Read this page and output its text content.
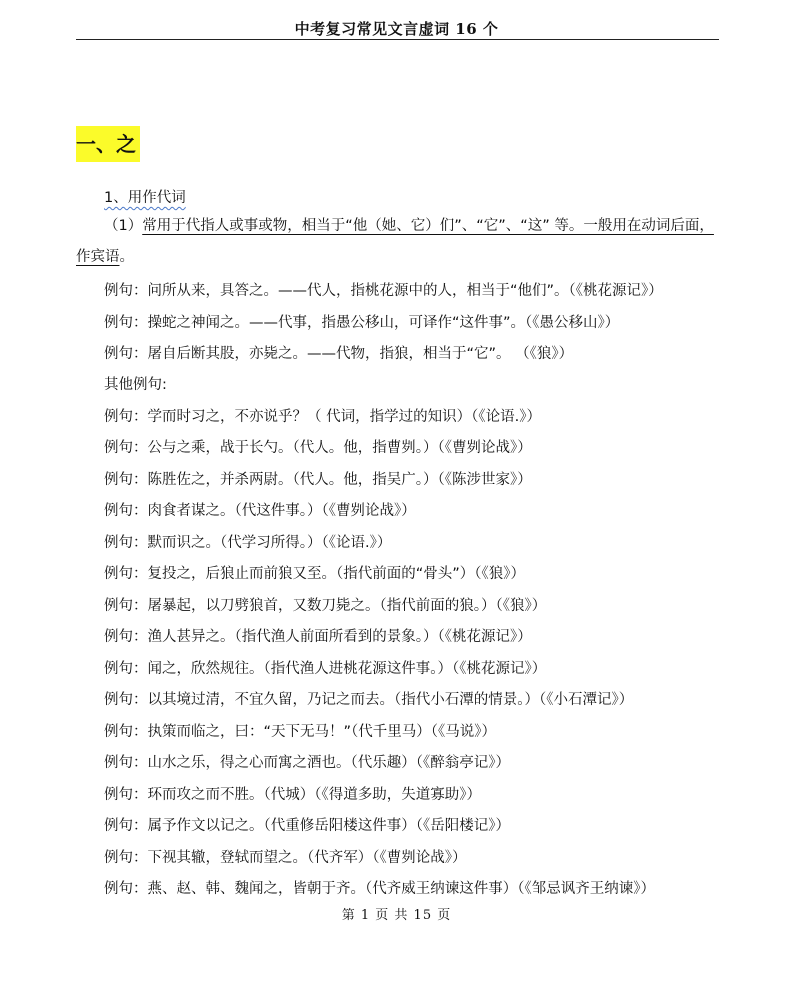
中考复习常见文言虚词 16 个
一、之
1、用作代词
（1）常用于代指人或事或物，相当于“他（她、它）们”、“它”、“这” 等。一般用在动词后面，作宾语。
例句：问所从来，具答之。——代人，指桃花源中的人，相当于“他们”。（《桃花源记》）
例句：操蛇之神闻之。——代事，指愚公移山，可译作“这件事”。（《愚公移山》）
例句：屠自后断其股，亦毙之。——代物，指狼，相当于“它”。 （《狼》）
其他例句:
例句：学而时习之，不亦说乎？（ 代词，指学过的知识）（《论语.》）
例句：公与之乘，战于长勺。（代人。他，指曹刿。）（《曹刿论战》）
例句：陈胜佐之，并杀两尉。（代人。他，指吴广。）（《陈涉世家》）
例句：肉食者谋之。（代这件事。）（《曹刿论战》）
例句：默而识之。（代学习所得。）（《论语.》）
例句：复投之，后狼止而前狼又至。（指代前面的“骨头”）（《狼》）
例句：屠暴起，以刀劈狼首，又数刀毙之。（指代前面的狼。）（《狼》）
例句：渔人甚异之。（指代渔人前面所看到的景象。）（《桃花源记》）
例句：闻之，欣然规往。（指代渔人进桃花源这件事。）（《桃花源记》）
例句：以其境过清，不宜久留，乃记之而去。（指代小石潭的情景。）（《小石潭记》）
例句：执策而临之，曰：“天下无马！”（代千里马）（《马说》）
例句：山水之乐，得之心而寓之酒也。（代乐趣）（《醉翁亭记》）
例句：环而攻之而不胜。（代城）（《得道多助，失道寡助》）
例句：属予作文以记之。（代重修岳阳楼这件事）（《岳阳楼记》）
例句：下视其辙，登轼而望之。（代齐军）（《曹刿论战》）
例句：燕、赵、韩、魏闻之，皆朝于齐。（代齐威王纳谏这件事）（《邹忌讽齐王纳谏》）
第 1 页 共 15 页
